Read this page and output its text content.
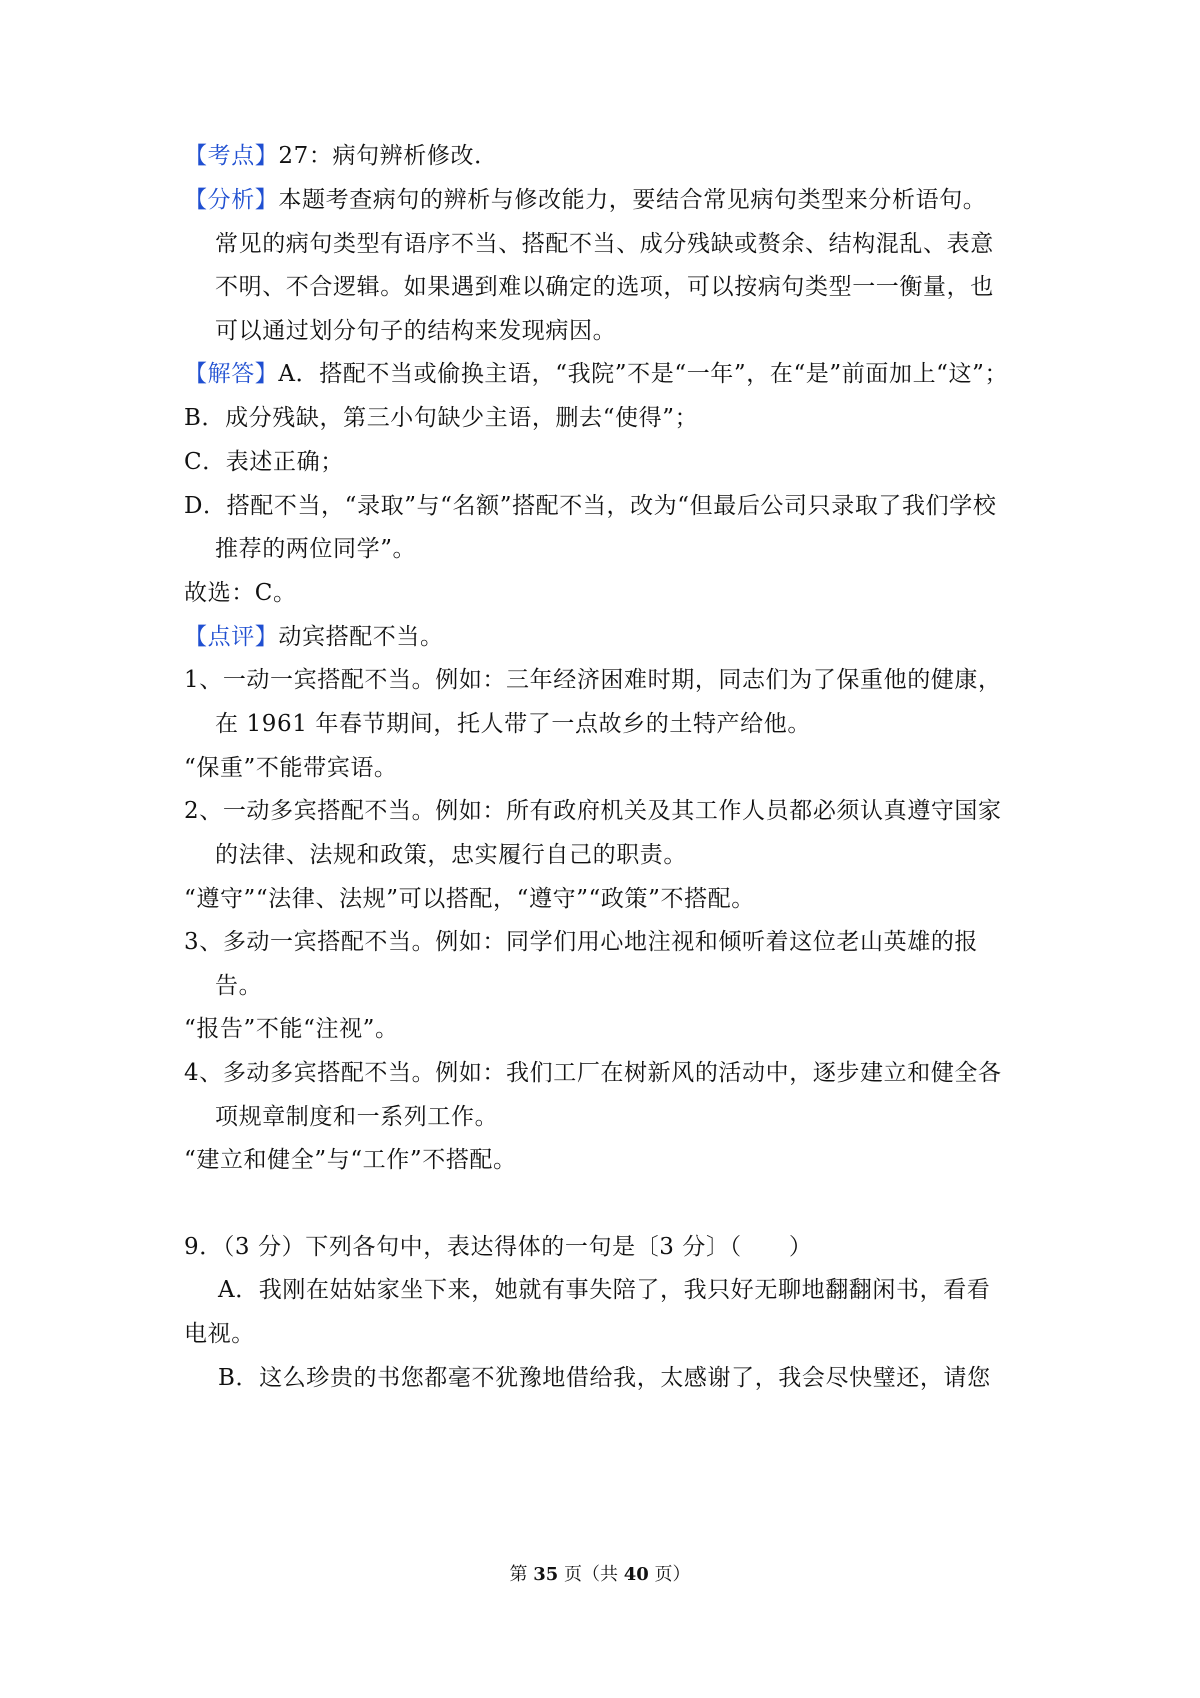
【考点】27：病句辨析修改．
【分析】本题考查病句的辨析与修改能力，要结合常见病句类型来分析语句。
常见的病句类型有语序不当、搭配不当、成分残缺或赘余、结构混乱、表意
不明、不合逻辑。如果遇到难以确定的选项，可以按病句类型一一衡量，也
可以通过划分句子的结构来发现病因。
【解答】A．搭配不当或偷换主语，“我院”不是“一年”，在“是”前面加上“这”；
B．成分残缺，第三小句缺少主语，删去“使得”；
C．表述正确；
D．搭配不当，“录取”与“名额”搭配不当，改为“但最后公司只录取了我们学校
推荐的两位同学”。
故选：C。
【点评】动宾搭配不当。
1、一动一宾搭配不当。例如：三年经济困难时期，同志们为了保重他的健康，
在 1961 年春节期间，托人带了一点故乡的土特产给他。
“保重”不能带宾语。
2、一动多宾搭配不当。例如：所有政府机关及其工作人员都必须认真遵守国家
的法律、法规和政策，忠实履行自己的职责。
“遵守”“法律、法规”可以搭配，“遵守”“政策”不搭配。
3、多动一宾搭配不当。例如：同学们用心地注视和倾听着这位老山英雄的报
告。
“报告”不能“注视”。
4、多动多宾搭配不当。例如：我们工厂在树新风的活动中，逐步建立和健全各
项规章制度和一系列工作。
“建立和健全”与“工作”不搭配。
9．（3 分）下列各句中，表达得体的一句是〔3 分〕（　　）
A．我刚在姑姑家坐下来，她就有事失陪了，我只好无聊地翻翻闲书，看看
电视。
B．这么珍贵的书您都毫不犹豫地借给我，太感谢了，我会尽快璧还，请您
第 35 页（共 40 页）
